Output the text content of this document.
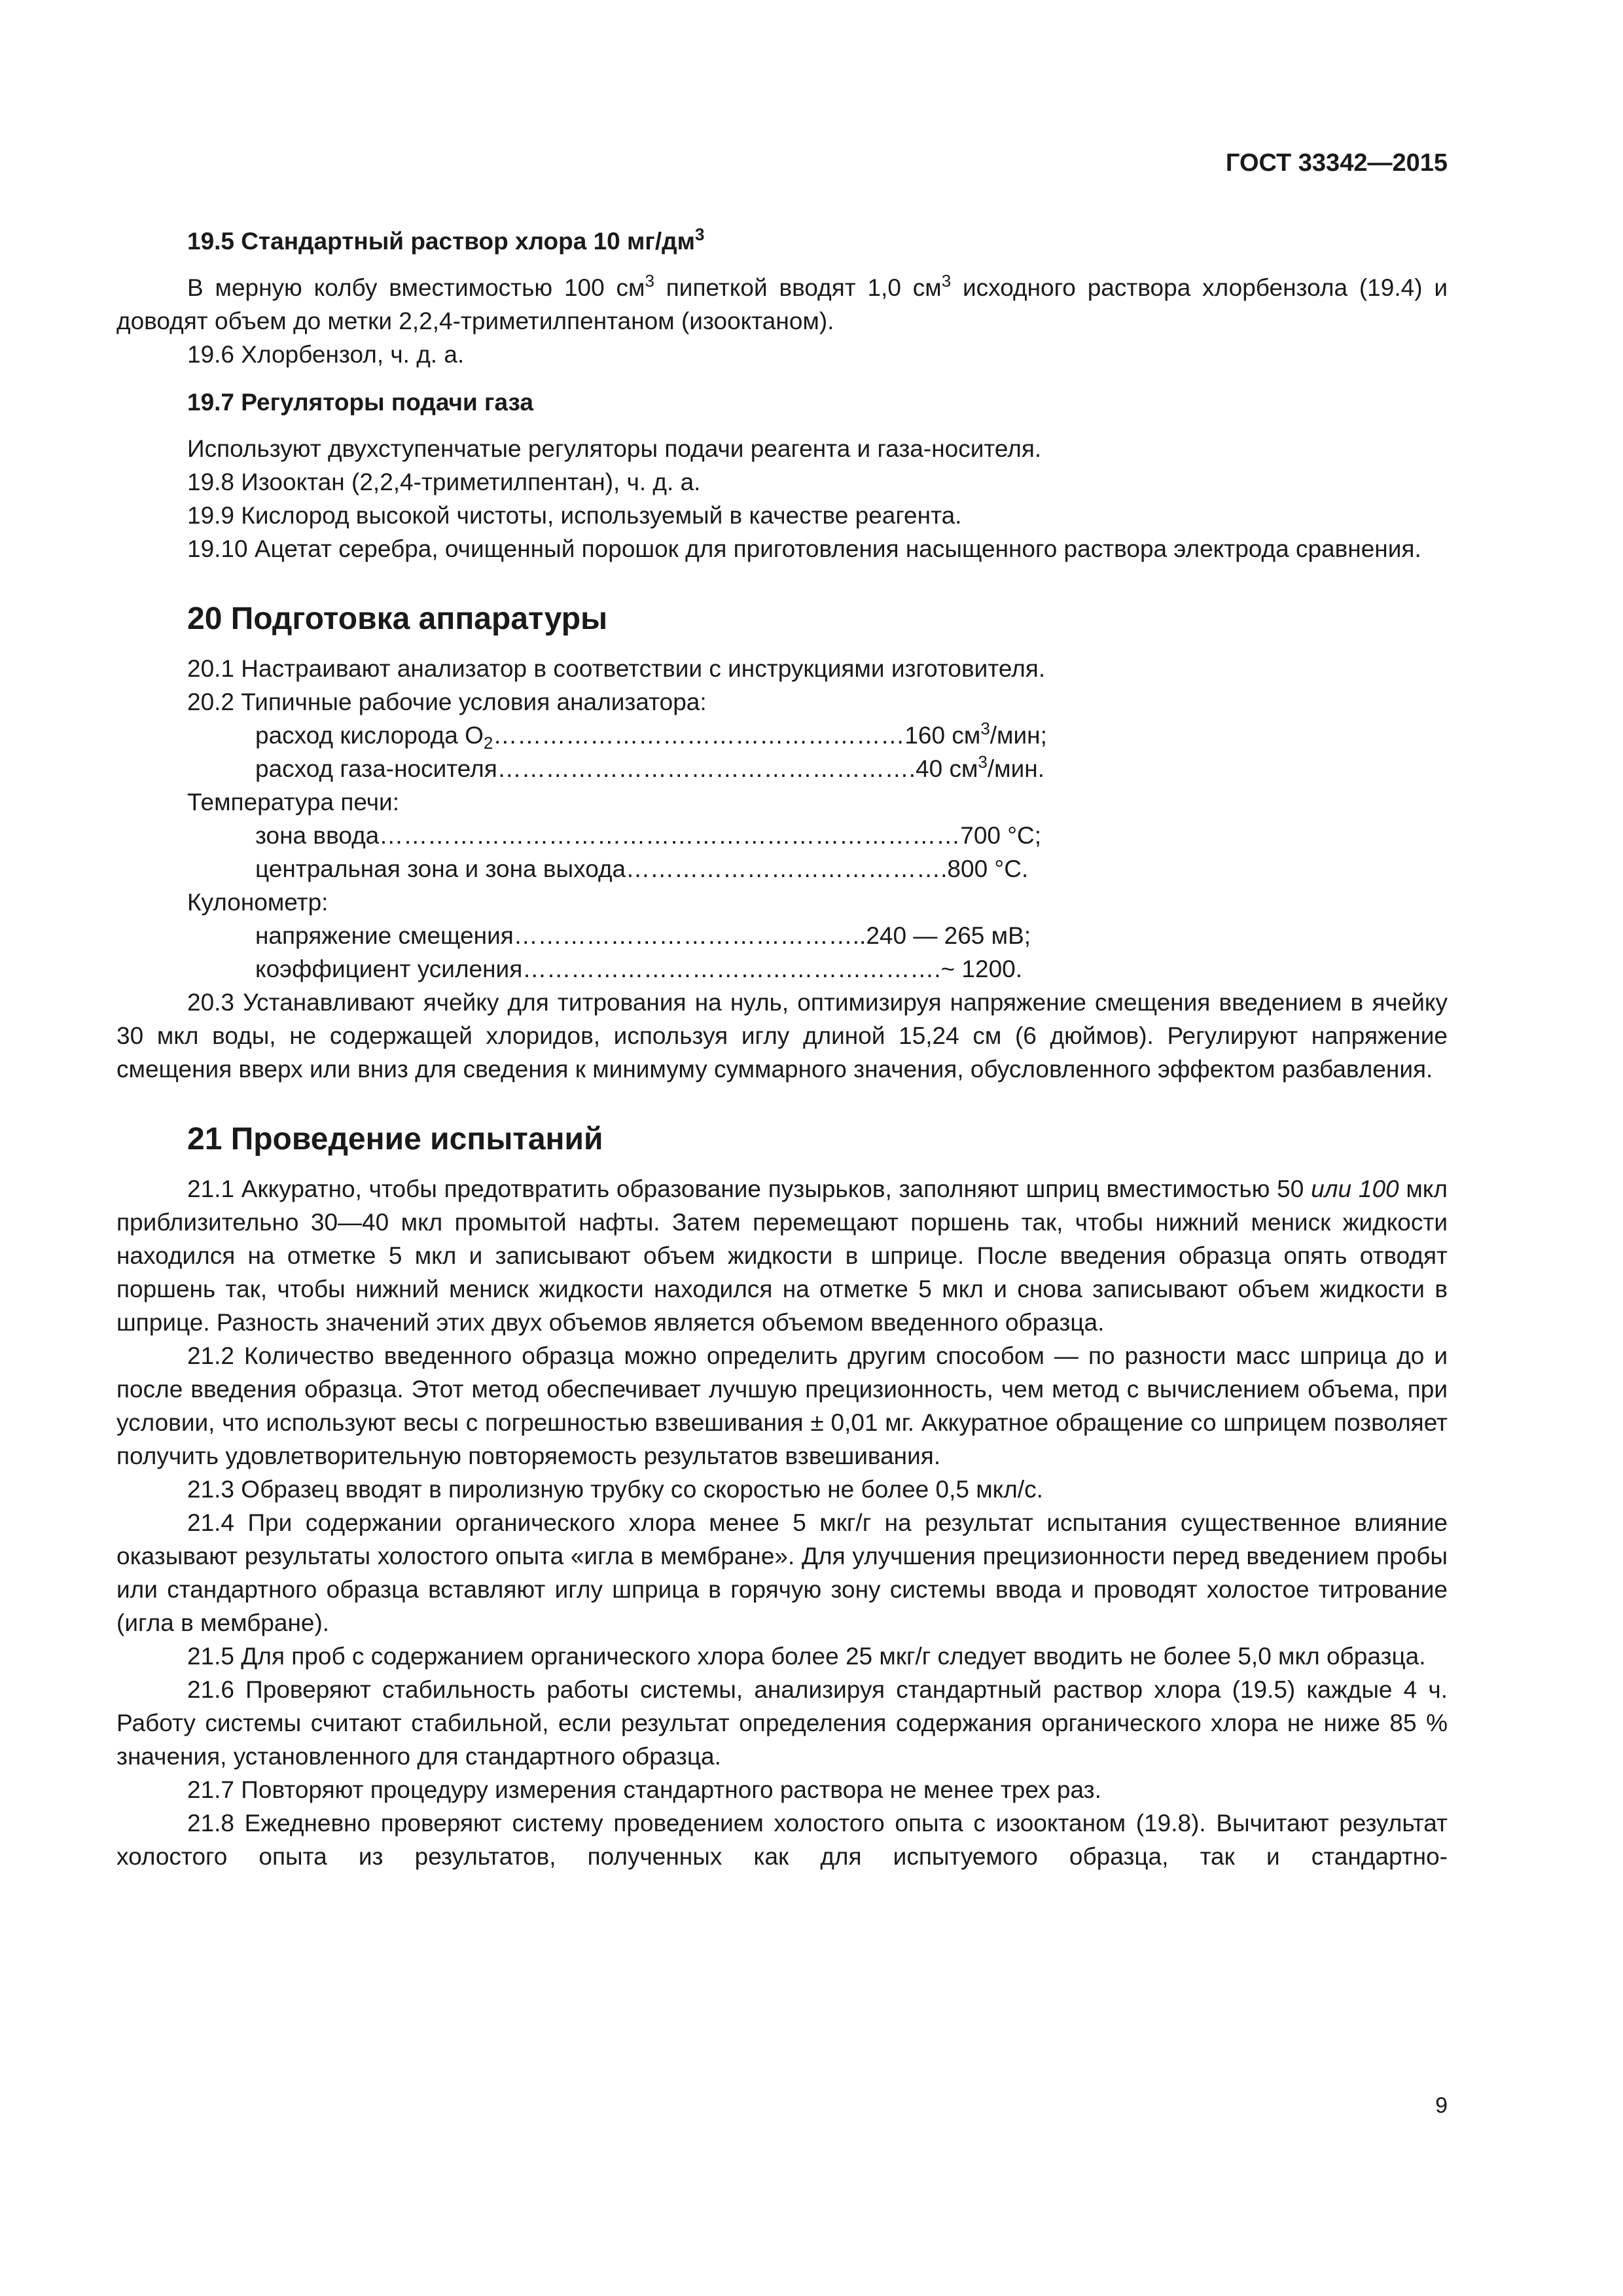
ГОСТ 33342—2015

19.5 Стандартный раствор хлора 10 $мг/дм^3$

В мерную колбу вместимостью 100 $см^3$ пипеткой вводят 1,0 $см^3$ исходного раствора хлорбензола (19.4) и доводят объем до метки 2,2,4-триметилпентаном (изооктаном).

19.6 Хлорбензол, ч. д. а.

19.7 Регуляторы подачи газа

Используют двухступенчатые регуляторы подачи реагента и газа-носителя.

19.8 Изооктан (2,2,4-триметилпентан), ч. д. а.

19.9 Кислород высокой чистоты, используемый в качестве реагента.

19.10 Ацетат серебра, очищенный порошок для приготовления насыщенного раствора электрода сравнения.

20 Подготовка аппаратуры

20.1 Настраивают анализатор в соответствии с инструкциями изготовителя.

20.2 Типичные рабочие условия анализатора:

расход кислорода $O_2\dots\dots\dots\dots\dots\dots\dots\dots\dots\dots\dots\dots\dots\dots\dots\dots\dots 160$ $см^3$/мин;

расход газа-носителя…………………………………………….40 $см^3$/мин.

Температура печи:

зона ввода………………………………………………………………700 °С;

центральная зона и зона выхода………………………………….800 °С.

Кулонометр:

напряжение смещения……………………………………..240 — 265 мВ;

коэффициент усиления…………………………………………….~ 1200.

20.3 Устанавливают ячейку для титрования на нуль, оптимизируя напряжение смещения введением в ячейку 30 мкл воды, не содержащей хлоридов, используя иглу длиной 15,24 см (6 дюймов). Регулируют напряжение смещения вверх или вниз для сведения к минимуму суммарного значения, обусловленного эффектом разбавления.

21 Проведение испытаний

21.1 Аккуратно, чтобы предотвратить образование пузырьков, заполняют шприц вместимостью 50 или 100 мкл приблизительно 30—40 мкл промытой нафты. Затем перемещают поршень так, чтобы нижний мениск жидкости находился на отметке 5 мкл и записывают объем жидкости в шприце. После введения образца опять отводят поршень так, чтобы нижний мениск жидкости находился на отметке 5 мкл и снова записывают объем жидкости в шприце. Разность значений этих двух объемов является объемом введенного образца.

21.2 Количество введенного образца можно определить другим способом — по разности масс шприца до и после введения образца. Этот метод обеспечивает лучшую прецизионность, чем метод с вычислением объема, при условии, что используют весы с погрешностью взвешивания ± 0,01 мг. Аккуратное обращение со шприцем позволяет получить удовлетворительную повторяемость результатов взвешивания.

21.3 Образец вводят в пиролизную трубку со скоростью не более 0,5 мкл/с.

21.4 При содержании органического хлора менее 5 мкг/г на результат испытания существенное влияние оказывают результаты холостого опыта «игла в мембране». Для улучшения прецизионности перед введением пробы или стандартного образца вставляют иглу шприца в горячую зону системы ввода и проводят холостое титрование (игла в мембране).

21.5 Для проб с содержанием органического хлора более 25 мкг/г следует вводить не более 5,0 мкл образца.

21.6 Проверяют стабильность работы системы, анализируя стандартный раствор хлора (19.5) каждые 4 ч. Работу системы считают стабильной, если результат определения содержания органического хлора не ниже 85 % значения, установленного для стандартного образца.

21.7 Повторяют процедуру измерения стандартного раствора не менее трех раз.

21.8 Ежедневно проверяют систему проведением холостого опыта с изооктаном (19.8). Вычитают результат холостого опыта из результатов, полученных как для испытуемого образца, так и стандартно-

9
